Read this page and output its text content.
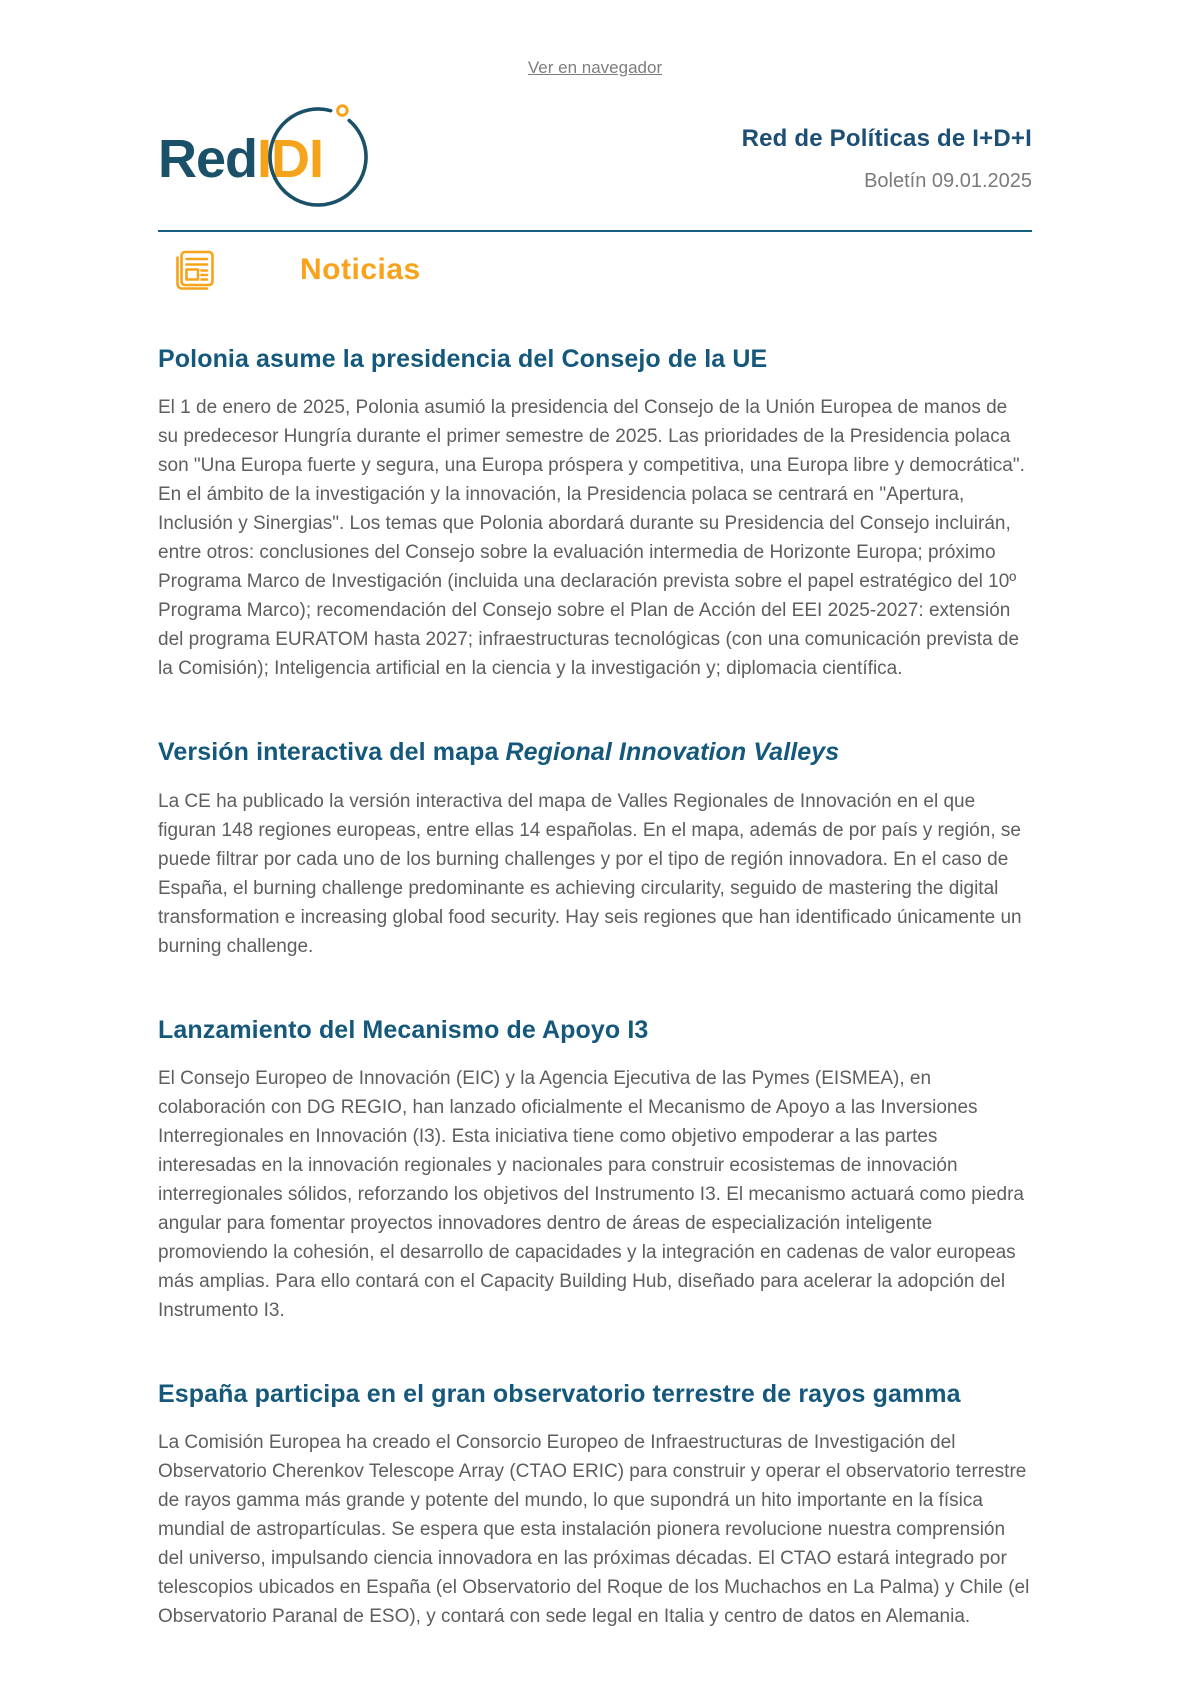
Ver en navegador
RedIDI	Red de Políticas de I+D+I
Boletín 09.01.2025
Noticias
Polonia asume la presidencia del Consejo de la UE

El 1 de enero de 2025, Polonia asumió la presidencia del Consejo de la Unión Europea de manos de su predecesor Hungría durante el primer semestre de 2025. Las prioridades de la Presidencia polaca son "Una Europa fuerte y segura, una Europa próspera y competitiva, una Europa libre y democrática". En el ámbito de la investigación y la innovación, la Presidencia polaca se centrará en "Apertura, Inclusión y Sinergias". Los temas que Polonia abordará durante su Presidencia del Consejo incluirán, entre otros: conclusiones del Consejo sobre la evaluación intermedia de Horizonte Europa; próximo Programa Marco de Investigación (incluida una declaración prevista sobre el papel estratégico del 10º Programa Marco); recomendación del Consejo sobre el Plan de Acción del EEI 2025-2027: extensión del programa EURATOM hasta 2027; infraestructuras tecnológicas (con una comunicación prevista de la Comisión); Inteligencia artificial en la ciencia y la investigación y; diplomacia científica.

Versión interactiva del mapa Regional Innovation Valleys

La CE ha publicado la versión interactiva del mapa de Valles Regionales de Innovación en el que figuran 148 regiones europeas, entre ellas 14 españolas. En el mapa, además de por país y región, se puede filtrar por cada uno de los burning challenges y por el tipo de región innovadora. En el caso de España, el burning challenge predominante es achieving circularity, seguido de mastering the digital transformation e increasing global food security. Hay seis regiones que han identificado únicamente un burning challenge.

Lanzamiento del Mecanismo de Apoyo I3

El Consejo Europeo de Innovación (EIC) y la Agencia Ejecutiva de las Pymes (EISMEA), en colaboración con DG REGIO, han lanzado oficialmente el Mecanismo de Apoyo a las Inversiones Interregionales en Innovación (I3). Esta iniciativa tiene como objetivo empoderar a las partes interesadas en la innovación regionales y nacionales para construir ecosistemas de innovación interregionales sólidos, reforzando los objetivos del Instrumento I3. El mecanismo actuará como piedra angular para fomentar proyectos innovadores dentro de áreas de especialización inteligente promoviendo la cohesión, el desarrollo de capacidades y la integración en cadenas de valor europeas más amplias. Para ello contará con el Capacity Building Hub, diseñado para acelerar la adopción del Instrumento I3.

España participa en el gran observatorio terrestre de rayos gamma

La Comisión Europea ha creado el Consorcio Europeo de Infraestructuras de Investigación del Observatorio Cherenkov Telescope Array (CTAO ERIC) para construir y operar el observatorio terrestre de rayos gamma más grande y potente del mundo, lo que supondrá un hito importante en la física mundial de astropartículas. Se espera que esta instalación pionera revolucione nuestra comprensión del universo, impulsando ciencia innovadora en las próximas décadas. El CTAO estará integrado por telescopios ubicados en España (el Observatorio del Roque de los Muchachos en La Palma) y Chile (el Observatorio Paranal de ESO), y contará con sede legal en Italia y centro de datos en Alemania.
